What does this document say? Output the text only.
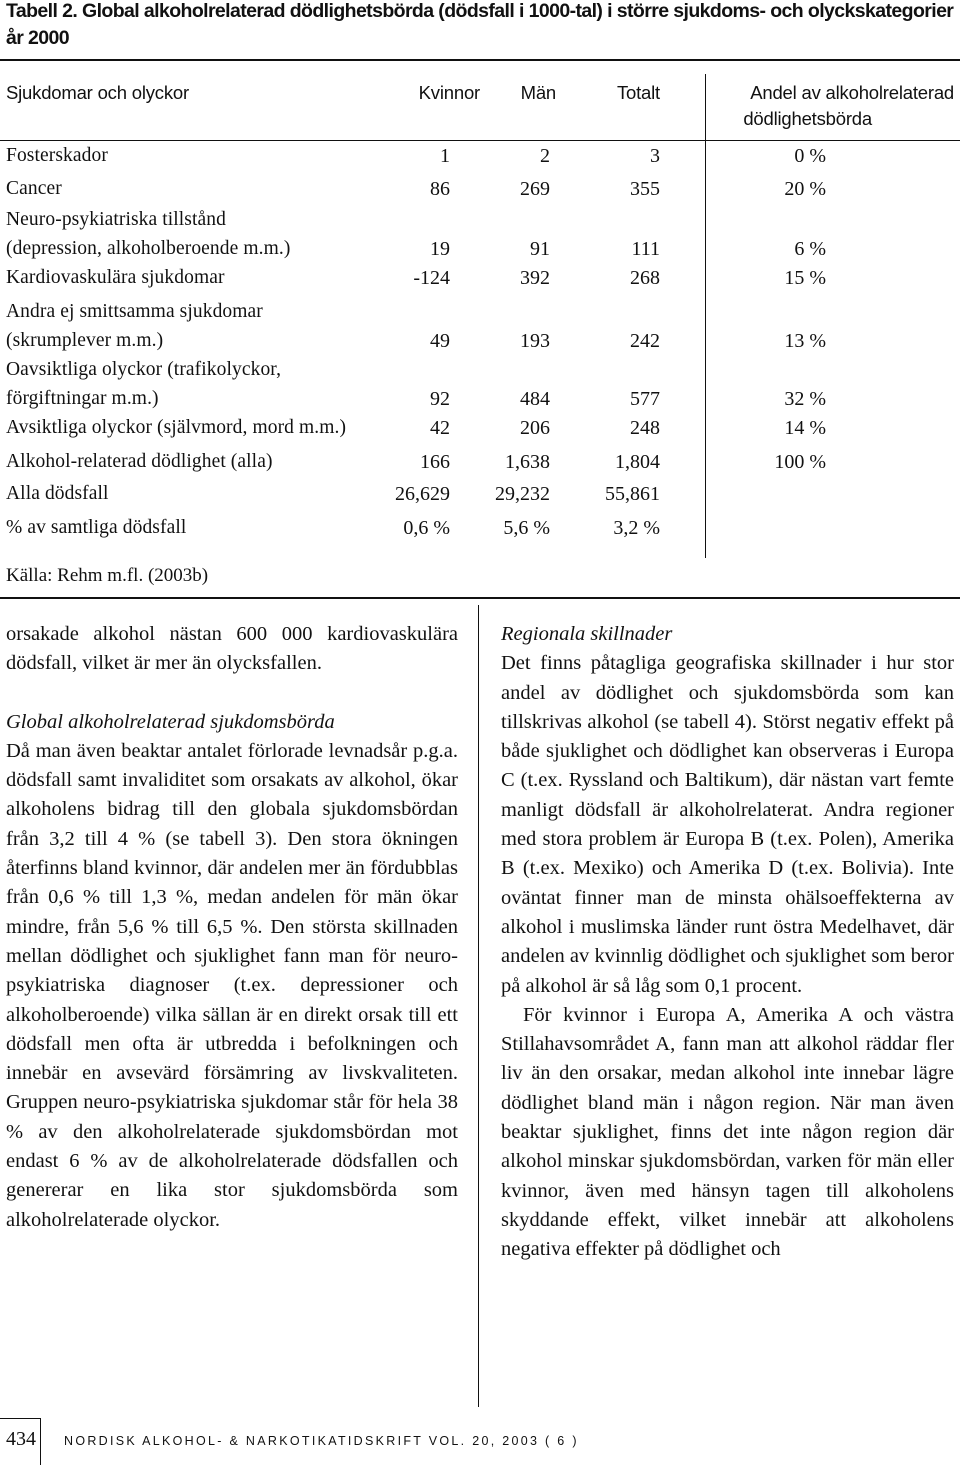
Tabell 2. Global alkoholrelaterad dödlighetsbörda (dödsfall i 1000-tal) i större sjukdoms- och olyckskategorier år 2000
Sjukdomar och olyckor	Kvinnor	Män	Totalt	Andel av alkoholrelaterad
dödlighetsbörda
Fosterskador	1	2	3	0 %
Cancer	86	269	355	20 %
Neuro-psykiatriska tillstånd
(depression, alkoholberoende m.m.)	19	91	111	6 %
Kardiovaskulära sjukdomar	-124	392	268	15 %
Andra ej smittsamma sjukdomar
(skrumplever m.m.)	49	193	242	13 %
Oavsiktliga olyckor (trafikolyckor,
förgiftningar m.m.)	92	484	577	32 %
Avsiktliga olyckor (självmord, mord m.m.)	42	206	248	14 %
Alkohol-relaterad dödlighet (alla)	166	1,638	1,804	100 %
Alla dödsfall	26,629	29,232	55,861
% av samtliga dödsfall	0,6 %	5,6 %	3,2 %
Källa: Rehm m.fl. (2003b)

orsakade alkohol nästan 600 000 kardiovaskulära dödsfall, vilket är mer än olycksfallen.

Global alkoholrelaterad sjukdomsbörda

Då man även beaktar antalet förlorade levnadsår p.g.a. dödsfall samt invaliditet som orsakats av alkohol, ökar alkoholens bidrag till den globala sjukdomsbördan från 3,2 till 4 % (se tabell 3). Den stora ökningen återfinns bland kvinnor, där andelen mer än fördubblas från 0,6 % till 1,3 %, medan andelen för män ökar mindre, från 5,6 % till 6,5 %. Den största skillnaden mellan dödlighet och sjuklighet fann man för neuro-psykiatriska diagnoser (t.ex. depressioner och alkoholberoende) vilka sällan är en direkt orsak till ett dödsfall men ofta är utbredda i befolkningen och innebär en avsevärd försämring av livskvaliteten. Gruppen neuro-psykiatriska sjukdomar står för hela 38 % av den alkoholrelaterade sjukdomsbördan mot endast 6 % av de alkoholrelaterade dödsfallen och genererar en lika stor sjukdomsbörda som alkoholrelaterade olyckor.

Regionala skillnader

Det finns påtagliga geografiska skillnader i hur stor andel av dödlighet och sjukdomsbörda som kan tillskrivas alkohol (se tabell 4). Störst negativ effekt på både sjuklighet och dödlighet kan observeras i Europa C (t.ex. Ryssland och Baltikum), där nästan vart femte manligt dödsfall är alkoholrelaterat. Andra regioner med stora problem är Europa B (t.ex. Polen), Amerika B (t.ex. Mexiko) och Amerika D (t.ex. Bolivia). Inte oväntat finner man de minsta ohälsoeffekterna av alkohol i muslimska länder runt östra Medelhavet, där andelen av kvinnlig dödlighet och sjuklighet som beror på alkohol är så låg som 0,1 procent.

För kvinnor i Europa A, Amerika A och västra Stillahavsområdet A, fann man att alkohol räddar fler liv än den orsakar, medan alkohol inte innebar lägre dödlighet bland män i någon region. När man även beaktar sjuklighet, finns det inte någon region där alkohol minskar sjukdomsbördan, varken för män eller kvinnor, även med hänsyn tagen till alkoholens skyddande effekt, vilket innebär att alkoholens negativa effekter på dödlighet och

434 NORDISK ALKOHOL- & NARKOTIKATIDSKRIFT VOL. 20, 2003 ( 6 )
